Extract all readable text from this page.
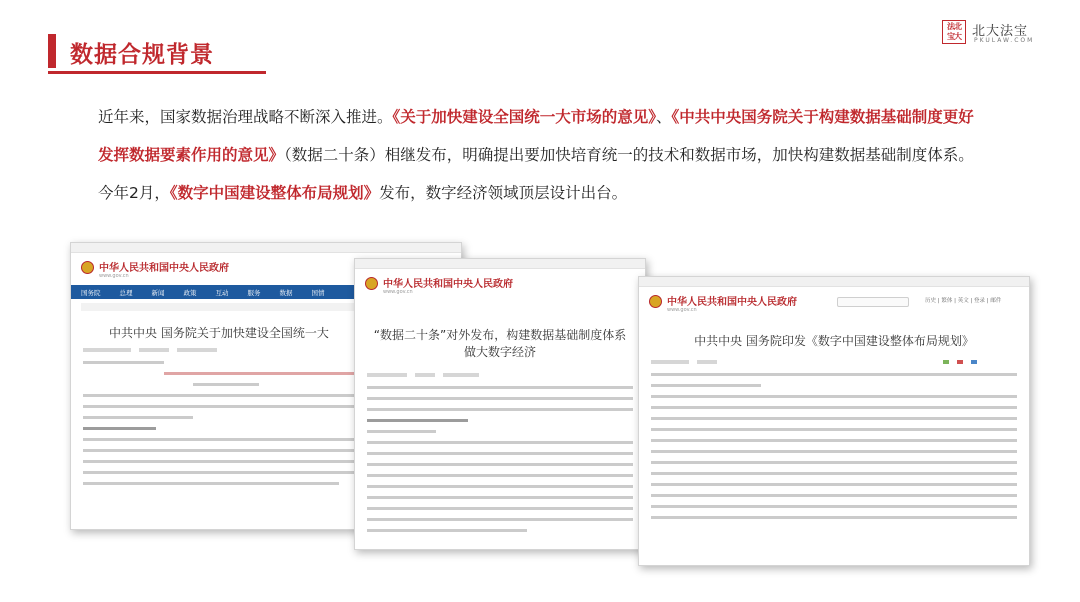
数据合规背景
法北宝大 北大法宝
PKULAW.COM
近年来，国家数据治理战略不断深入推进。《关于加快建设全国统一大市场的意见》、《中共中央国务院关于构建数据基础制度更好发挥数据要素作用的意见》（数据二十条）相继发布，明确提出要加快培育统一的技术和数据市场，加快构建数据基础制度体系。今年2月，《数字中国建设整体布局规划》发布，数字经济领域顶层设计出台。
中华人民共和国中央人民政府
www.gov.cn
国务院	总理	新闻	政策	互动	服务	数据	国情
中共中央 国务院关于加快建设全国统一大
中华人民共和国中央人民政府
www.gov.cn
“数据二十条”对外发布，构建数据基础制度体系
做大数字经济
中华人民共和国中央人民政府
www.gov.cn
历史 | 繁体 | 英文 | 登录 | 邮件
中共中央 国务院印发《数字中国建设整体布局规划》
